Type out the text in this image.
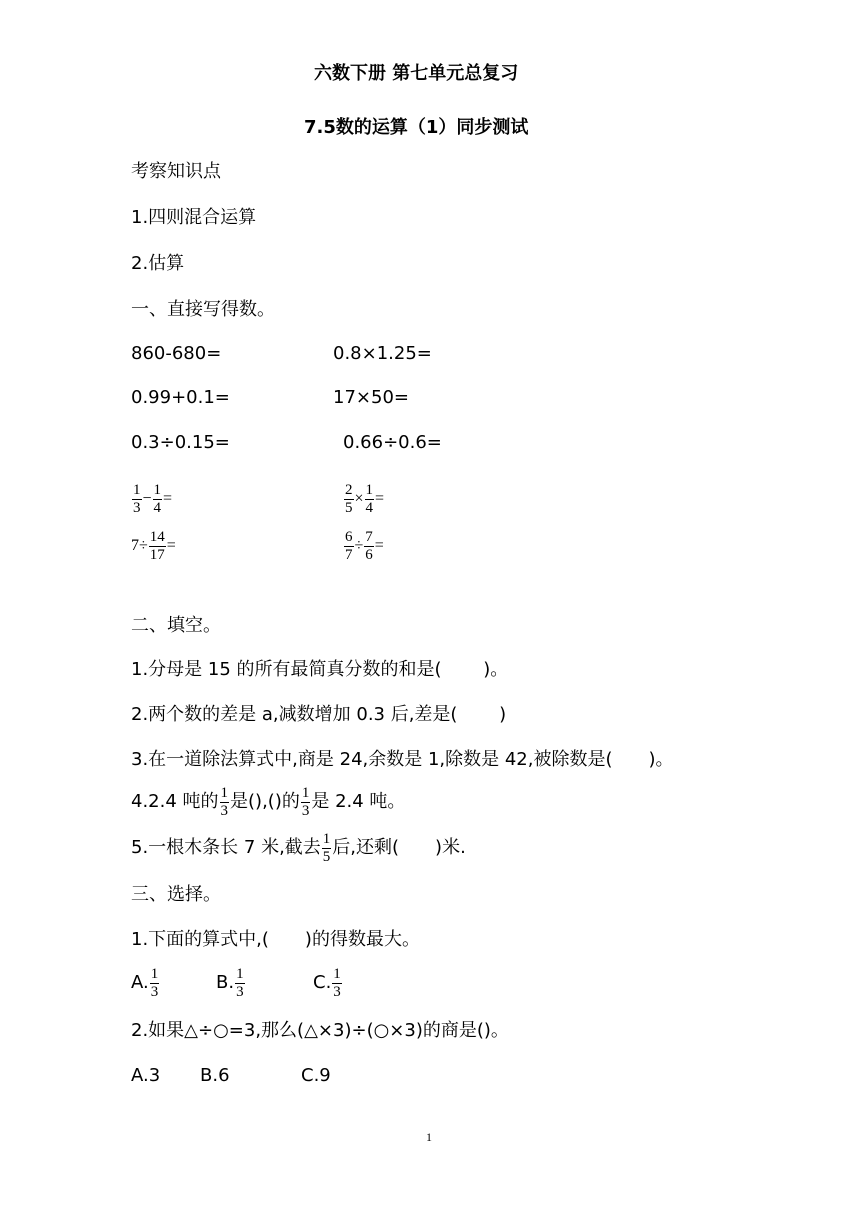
六数下册 第七单元总复习
7.5数的运算（1）同步测试
考察知识点
1.四则混合运算
2.估算
一、直接写得数。
860-680=	0.8×1.25=
0.99+0.1=	17×50=
0.3÷0.15=	0.66÷0.6=
$\frac{1}{3} - \frac{1}{4}$ =	$\frac{2}{5} \times \frac{1}{4}$ =
$7\div \frac{14}{17}$ =	$\frac{6}{7} \div \frac{7}{6}$ =
二、填空。
1.分母是 15 的所有最简真分数的和是(　　 )。
2.两个数的差是 a,减数增加 0.3 后,差是(　　 )
3.在一道除法算式中,商是 24,余数是 1,除数是 42,被除数是(　　)。
4.2.4 吨的 $\frac{1}{3}$ 是(),()的 $\frac{1}{3}$ 是 2.4 吨。
5.一根木条长 7 米,截去 $\frac{1}{5}$ 后,还剩(　　)米.
三、选择。
1.下面的算式中,(　　)的得数最大。
A. $\frac{1}{3}$	B. $\frac{1}{3}$	C. $\frac{1}{3}$
2.如果△÷○=3,那么(△×3)÷(○×3)的商是()。
A.3 B.6	C.9
1
